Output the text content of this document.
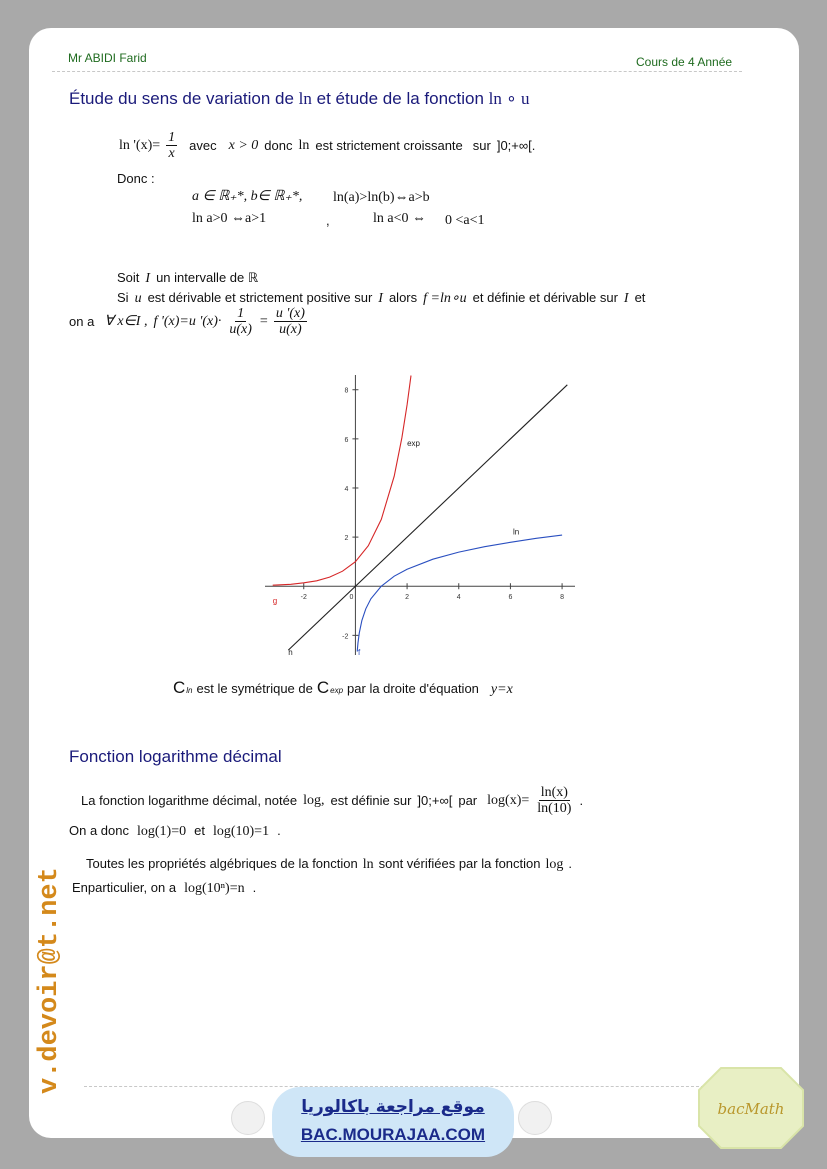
Mr ABIDI Farid	Cours de 4 Année
Étude du sens de variation de ln et étude de la fonction ln ∘ u
ln '$(x)= \frac{1}{x}$ avec x > 0 donc ln est strictement croissante sur ]0;+∞[.
Donc :
a ∈ ℝ₊*, b∈ ℝ₊*, ln(a)>ln(b)⇔a>b
ln a>0 ⇔a>1	,	ln a<0 ⇔ 0 <a<1
Soit I un intervalle de ℝ
Si u est dérivable et strictement positive sur I alors f =ln∘u et définie et dérivable sur I et
on a ∀ x∈I , f '(x)=u '$(x)\cdot \frac{1}{u(x)} = \frac{u '(x)}{u(x)}$
-2	0	2	4	6	8
-2
2
4
6
8
exp
ln
h
g
f
C ln est le symétrique de C exp par la droite d'équation y=x
Fonction logarithme décimal
La fonction logarithme décimal, notée log, est définie sur ]0;+∞[ par $\log(x)= \frac{\ln(x)}{\ln(10)}$ .
On a donc log(1)=0 et log(10)=1 .
Toutes les propriétés algébriques de la fonction ln sont vérifiées par la fonction log .
Enparticulier, on a log(10ⁿ)=n .
v.devoir@t.net
موقع مراجعة باكالوريا
BAC.MOURAJAA.COM
bacMath
